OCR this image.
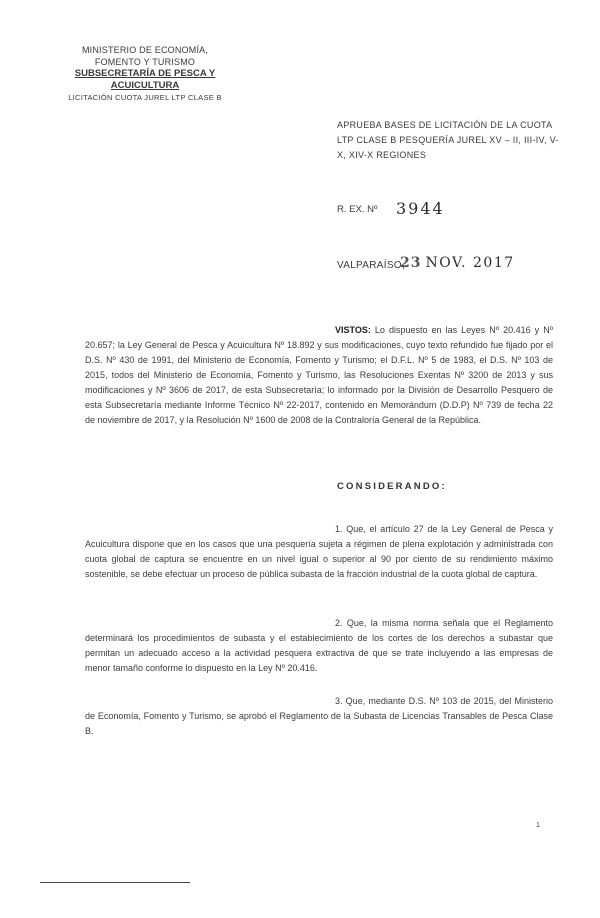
MINISTERIO DE ECONOMÍA,
FOMENTO Y TURISMO
SUBSECRETARÍA DE PESCA Y ACUICULTURA
LICITACIÓN CUOTA JUREL LTP CLASE B
APRUEBA BASES DE LICITACIÓN DE LA CUOTA LTP CLASE B PESQUERÍA JUREL XV – II, III-IV, V-X, XIV-X REGIONES
R. EX. Nº 3944
VALPARAÍSO,
23 NOV. 2017
VISTOS: Lo dispuesto en las Leyes Nº 20.416 y Nº 20.657; la Ley General de Pesca y Acuicultura Nº 18.892 y sus modificaciones, cuyo texto refundido fue fijado por el D.S. Nº 430 de 1991, del Ministerio de Economía, Fomento y Turismo; el D.F.L. Nº 5 de 1983, el D.S. Nº 103 de 2015, todos del Ministerio de Economía, Fomento y Turismo, las Resoluciones Exentas Nº 3200 de 2013 y sus modificaciones y Nº 3606 de 2017, de esta Subsecretaría; lo informado por la División de Desarrollo Pesquero de esta Subsecretaría mediante Informe Técnico Nº 22-2017, contenido en Memorándum (D.D.P) Nº 739 de fecha 22 de noviembre de 2017, y la Resolución Nº 1600 de 2008 de la Contraloría General de la República.
CONSIDERANDO:
1. Que, el artículo 27 de la Ley General de Pesca y Acuicultura dispone que en los casos que una pesquería sujeta a régimen de plena explotación y administrada con cuota global de captura se encuentre en un nivel igual o superior al 90 por ciento de su rendimiento máximo sostenible, se debe efectuar un proceso de pública subasta de la fracción industrial de la cuota global de captura.
2. Que, la misma norma señala que el Reglamento determinará los procedimientos de subasta y el establecimiento de los cortes de los derechos a subastar que permitan un adecuado acceso a la actividad pesquera extractiva de que se trate incluyendo a las empresas de menor tamaño conforme lo dispuesto en la Ley Nº 20.416.
3. Que, mediante D.S. Nº 103 de 2015, del Ministerio de Economía, Fomento y Turismo, se aprobó el Reglamento de la Subasta de Licencias Transables de Pesca Clase B.
1
